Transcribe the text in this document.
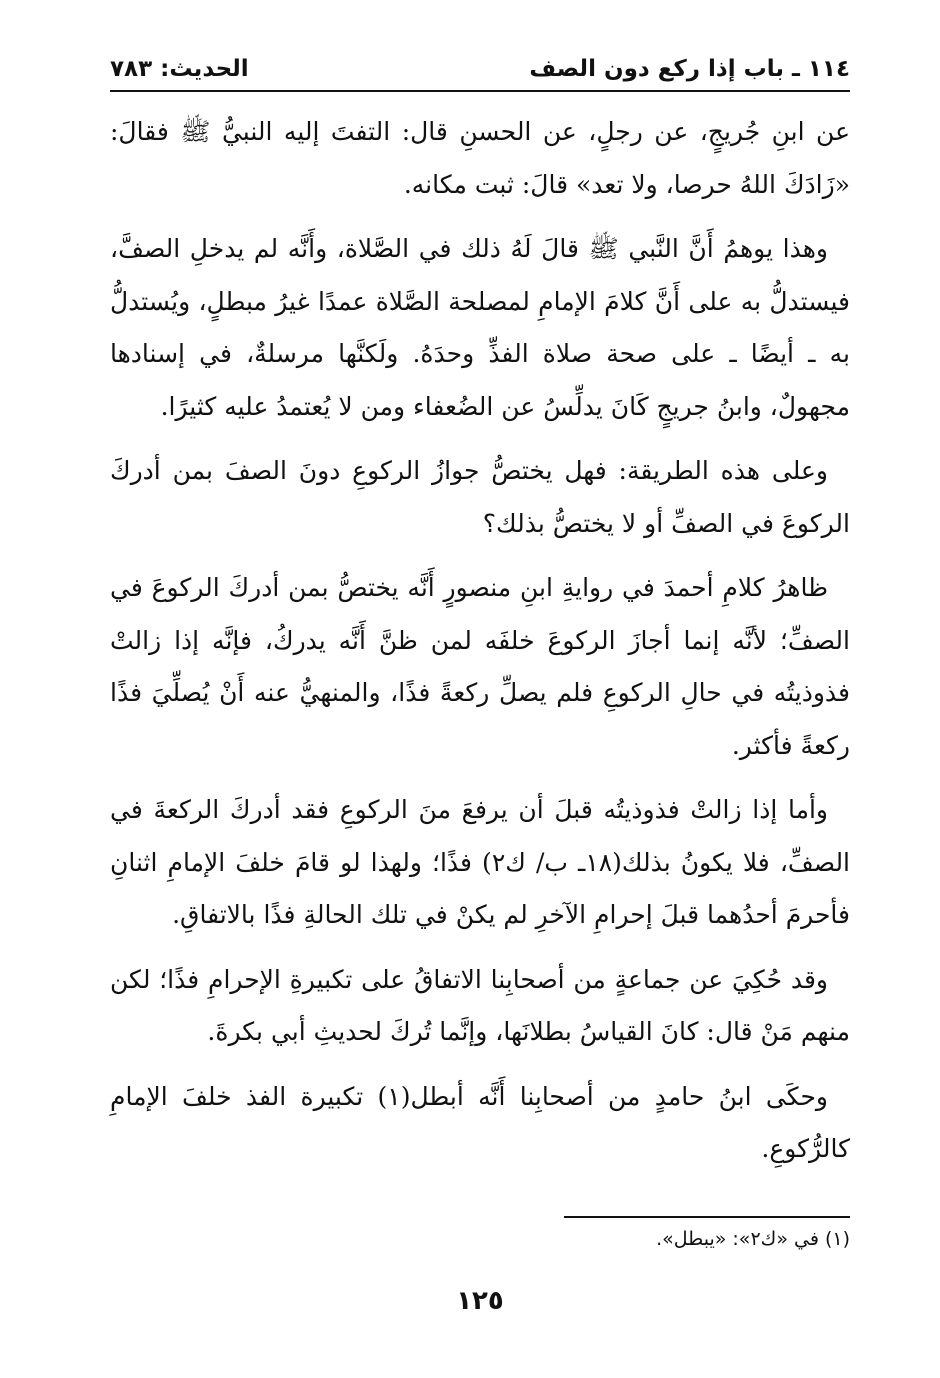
١١٤ ـ باب إذا ركع دون الصف
الحديث: ٧٨٣

عن ابنِ جُريجٍ، عن رجلٍ، عن الحسنِ قال: التفتَ إليه النبيُّ ﷺ فقالَ: «زَادَكَ اللهُ حرصا، ولا تعد» قالَ: ثبت مكانه.

وهذا يوهمُ أَنَّ النَّبي ﷺ قالَ لَهُ ذلك في الصَّلاة، وأَنَّه لم يدخلِ الصفَّ، فيستدلُّ به على أَنَّ كلامَ الإمامِ لمصلحة الصَّلاة عمدًا غيرُ مبطلٍ، ويُستدلُّ به ـ أيضًا ـ على صحة صلاة الفذِّ وحدَهُ. ولَكنَّها مرسلةٌ، في إسنادها مجهولٌ، وابنُ جريجٍ كَانَ يدلِّسُ عن الضُعفاء ومن لا يُعتمدُ عليه كثيرًا.

وعلى هذه الطريقة: فهل يختصُّ جوازُ الركوعِ دونَ الصفَ بمن أدركَ الركوعَ في الصفِّ أو لا يختصُّ بذلك؟

ظاهرُ كلامِ أحمدَ في روايةِ ابنِ منصورٍ أَنَّه يختصُّ بمن أدركَ الركوعَ في الصفِّ؛ لأنَّه إنما أجازَ الركوعَ خلفَه لمن ظنَّ أَنَّه يدركُ، فإنَّه إذا زالتْ فذوذيتُه في حالِ الركوعِ فلم يصلِّ ركعةً فذًا، والمنهيُّ عنه أَنْ يُصلِّيَ فذًا ركعةً فأكثر.

وأما إذا زالتْ فذوذيتُه قبلَ أن يرفعَ منَ الركوعِ فقد أدركَ الركعةَ في الصفِّ، فلا يكونُ بذلك(١٨ـ ب/ ك٢) فذًا؛ ولهذا لو قامَ خلفَ الإمامِ اثنانِ فأحرمَ أحدُهما قبلَ إحرامِ الآخرِ لم يكنْ في تلك الحالةِ فذًا بالاتفاقِ.

وقد حُكِيَ عن جماعةٍ من أصحابِنا الاتفاقُ على تكبيرةِ الإحرامِ فذًا؛ لكن منهم مَنْ قال: كانَ القياسُ بطلانَها، وإنَّما تُركَ لحديثِ أبي بكرةَ.

وحكَى ابنُ حامدٍ من أصحابِنا أَنَّه أبطل(١) تكبيرة الفذ خلفَ الإمامِ كالرُّكوعِ.

(١) في «ك٢»: «يبطل».
١٢٥
